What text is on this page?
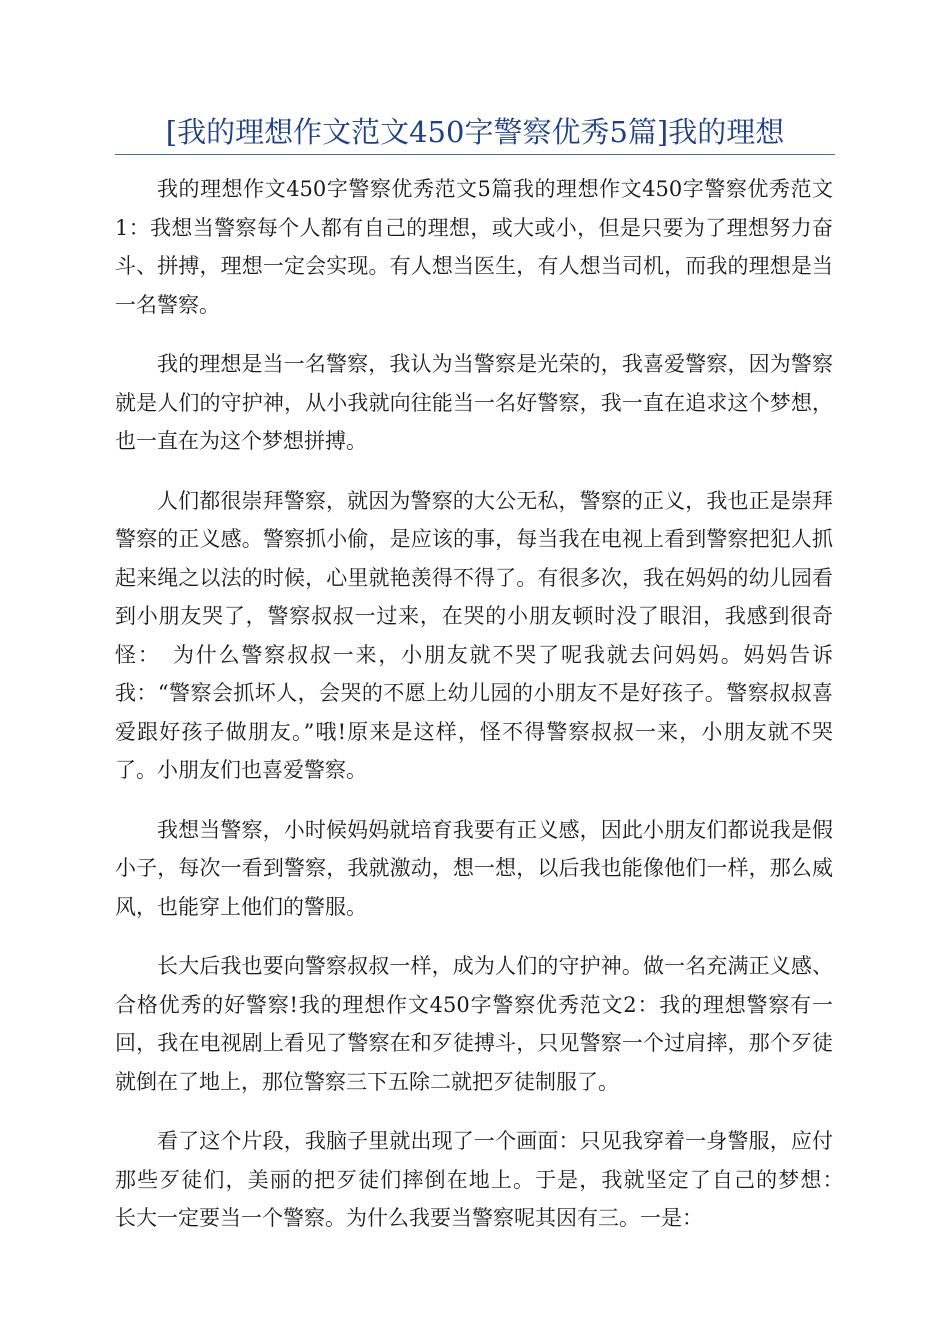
[我的理想作文范文450字警察优秀5篇]我的理想

我的理想作文450字警察优秀范文5篇我的理想作文450字警察优秀范文1：我想当警察每个人都有自己的理想，或大或小，但是只要为了理想努力奋斗、拼搏，理想一定会实现。有人想当医生，有人想当司机，而我的理想是当一名警察。

我的理想是当一名警察，我认为当警察是光荣的，我喜爱警察，因为警察就是人们的守护神，从小我就向往能当一名好警察，我一直在追求这个梦想，也一直在为这个梦想拼搏。

人们都很崇拜警察，就因为警察的大公无私，警察的正义，我也正是崇拜警察的正义感。警察抓小偷，是应该的事，每当我在电视上看到警察把犯人抓起来绳之以法的时候，心里就艳羡得不得了。有很多次，我在妈妈的幼儿园看到小朋友哭了，警察叔叔一过来，在哭的小朋友顿时没了眼泪，我感到很奇怪：　为什么警察叔叔一来，小朋友就不哭了呢我就去问妈妈。妈妈告诉我：“警察会抓坏人，会哭的不愿上幼儿园的小朋友不是好孩子。警察叔叔喜爱跟好孩子做朋友。”哦!原来是这样，怪不得警察叔叔一来，小朋友就不哭了。小朋友们也喜爱警察。

我想当警察，小时候妈妈就培育我要有正义感，因此小朋友们都说我是假小子，每次一看到警察，我就激动，想一想，以后我也能像他们一样，那么威风，也能穿上他们的警服。

长大后我也要向警察叔叔一样，成为人们的守护神。做一名充满正义感、合格优秀的好警察!我的理想作文450字警察优秀范文2：我的理想警察有一回，我在电视剧上看见了警察在和歹徒搏斗，只见警察一个过肩摔，那个歹徒就倒在了地上，那位警察三下五除二就把歹徒制服了。

看了这个片段，我脑子里就出现了一个画面：只见我穿着一身警服，应付那些歹徒们，美丽的把歹徒们摔倒在地上。于是，我就坚定了自己的梦想：　长大一定要当一个警察。为什么我要当警察呢其因有三。一是：
